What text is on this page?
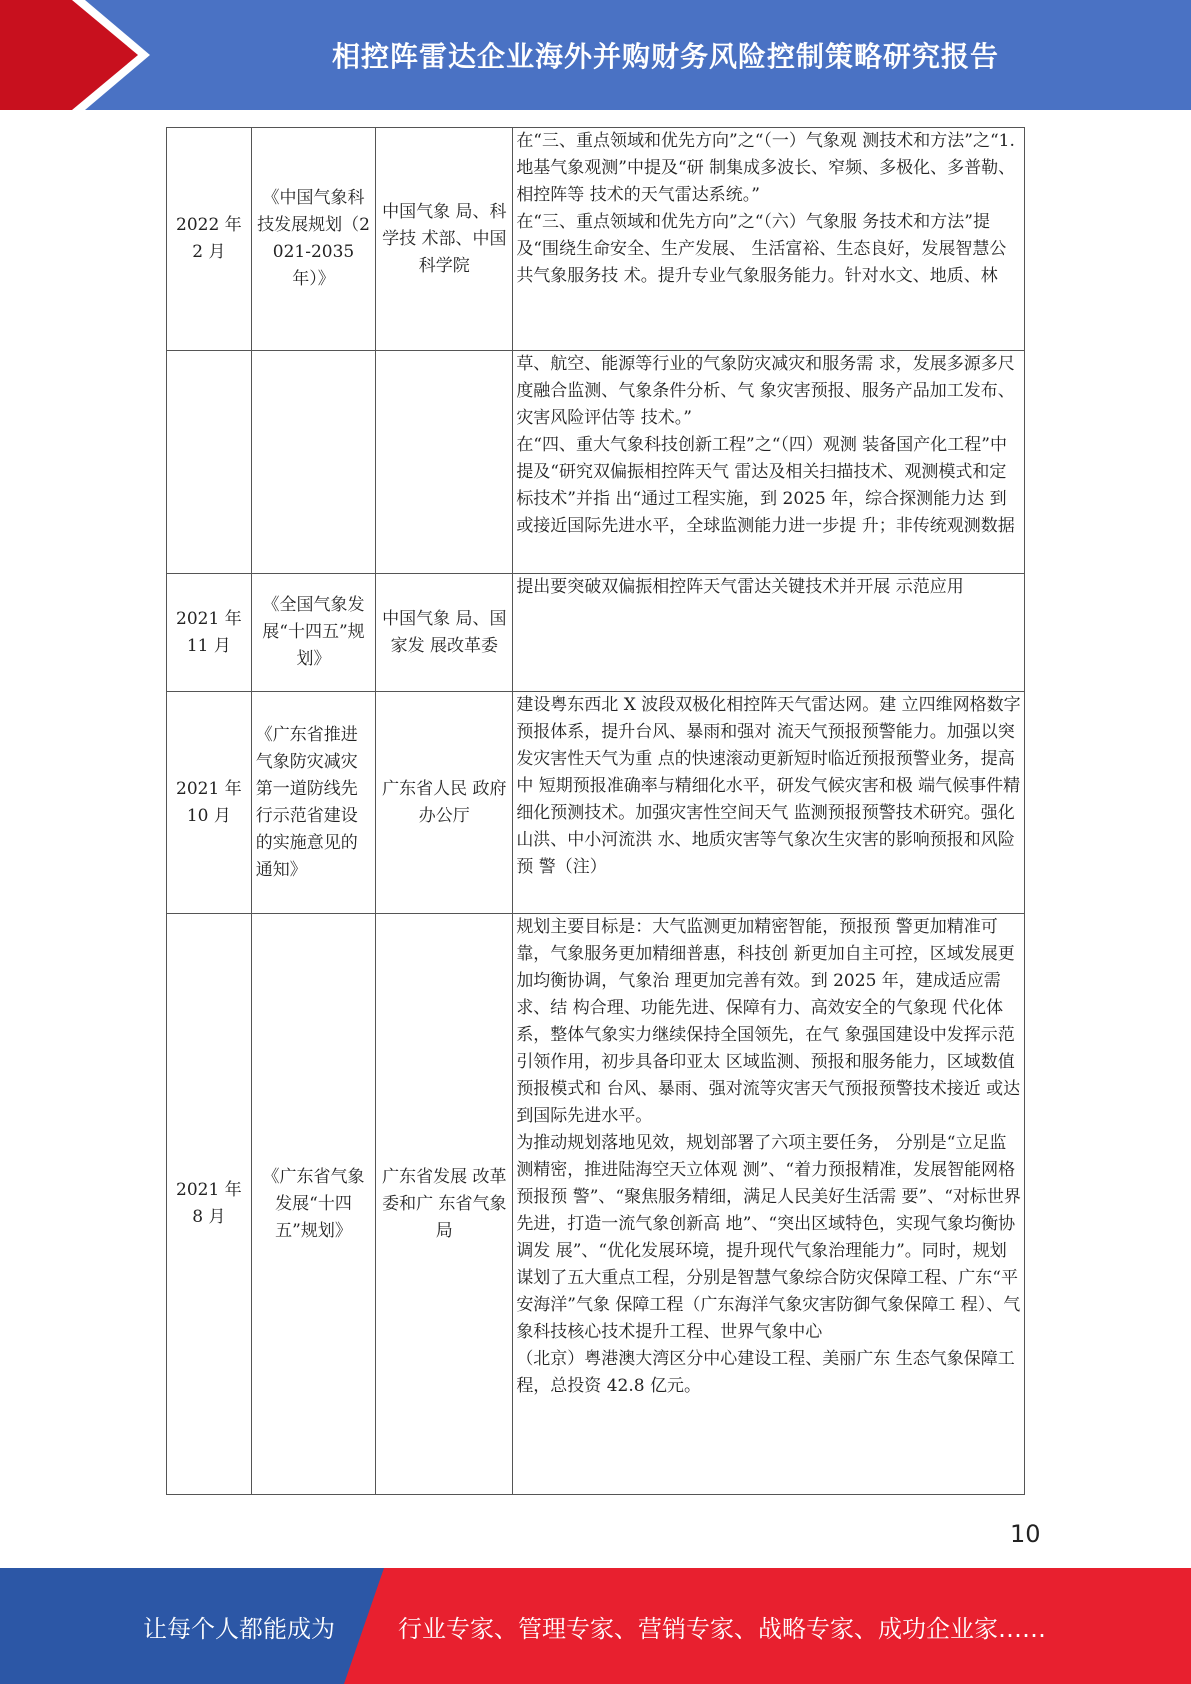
相控阵雷达企业海外并购财务风险控制策略研究报告
2022 年 2 月	《中国气象科技发展规划（2021-2035 年）》	中国气象 局、科学技 术部、中国 科学院	在“三、重点领域和优先方向”之“（一）气象观 测技术和方法”之“1.地基气象观测”中提及“研 制集成多波长、窄频、多极化、多普勒、相控阵等 技术的天气雷达系统。”
在“三、重点领域和优先方向”之“（六）气象服 务技术和方法”提及“围绕生命安全、生产发展、 生活富裕、生态良好，发展智慧公共气象服务技 术。提升专业气象服务能力。针对水文、地质、林

			草、航空、能源等行业的气象防灾减灾和服务需 求，发展多源多尺度融合监测、气象条件分析、气 象灾害预报、服务产品加工发布、灾害风险评估等 技术。”
在“四、重大气象科技创新工程”之“（四）观测 装备国产化工程”中提及“研究双偏振相控阵天气 雷达及相关扫描技术、观测模式和定标技术”并指 出“通过工程实施，到 2025 年，综合探测能力达 到或接近国际先进水平，全球监测能力进一步提 升；非传统观测数据

2021 年 11 月	《全国气象发展“十四五”规划》	中国气象 局、国家发 展改革委	提出要突破双偏振相控阵天气雷达关键技术并开展 示范应用

2021 年 10 月	《广东省推进气象防灾减灾第一道防线先行示范省建设的实施意见的通知》	广东省人民 政府办公厅	建设粤东西北 X 波段双极化相控阵天气雷达网。建 立四维网格数字预报体系，提升台风、暴雨和强对 流天气预报预警能力。加强以突发灾害性天气为重 点的快速滚动更新短时临近预报预警业务，提高中 短期预报准确率与精细化水平，研发气候灾害和极 端气候事件精细化预测技术。加强灾害性空间天气 监测预报预警技术研究。强化山洪、中小河流洪 水、地质灾害等气象次生灾害的影响预报和风险预 警（注）

2021 年 8 月	《广东省气象发展“十四五”规划》	广东省发展 改革委和广 东省气象局	规划主要目标是：大气监测更加精密智能，预报预 警更加精准可靠，气象服务更加精细普惠，科技创 新更加自主可控，区域发展更加均衡协调，气象治 理更加完善有效。到 2025 年，建成适应需求、结 构合理、功能先进、保障有力、高效安全的气象现 代化体系，整体气象实力继续保持全国领先，在气 象强国建设中发挥示范引领作用，初步具备印亚太 区域监测、预报和服务能力，区域数值预报模式和 台风、暴雨、强对流等灾害天气预报预警技术接近 或达到国际先进水平。
为推动规划落地见效，规划部署了六项主要任务， 分别是“立足监测精密，推进陆海空天立体观 测”、“着力预报精准，发展智能网格预报预 警”、“聚焦服务精细，满足人民美好生活需 要”、“对标世界先进，打造一流气象创新高 地”、“突出区域特色，实现气象均衡协调发 展”、“优化发展环境，提升现代气象治理能力”。同时，规划谋划了五大重点工程，分别是智慧气象综合防灾保障工程、广东“平安海洋”气象 保障工程（广东海洋气象灾害防御气象保障工 程）、气象科技核心技术提升工程、世界气象中心
（北京）粤港澳大湾区分中心建设工程、美丽广东 生态气象保障工程，总投资 42.8 亿元。
10
让每个人都能成为	行业专家、管理专家、营销专家、战略专家、成功企业家……
